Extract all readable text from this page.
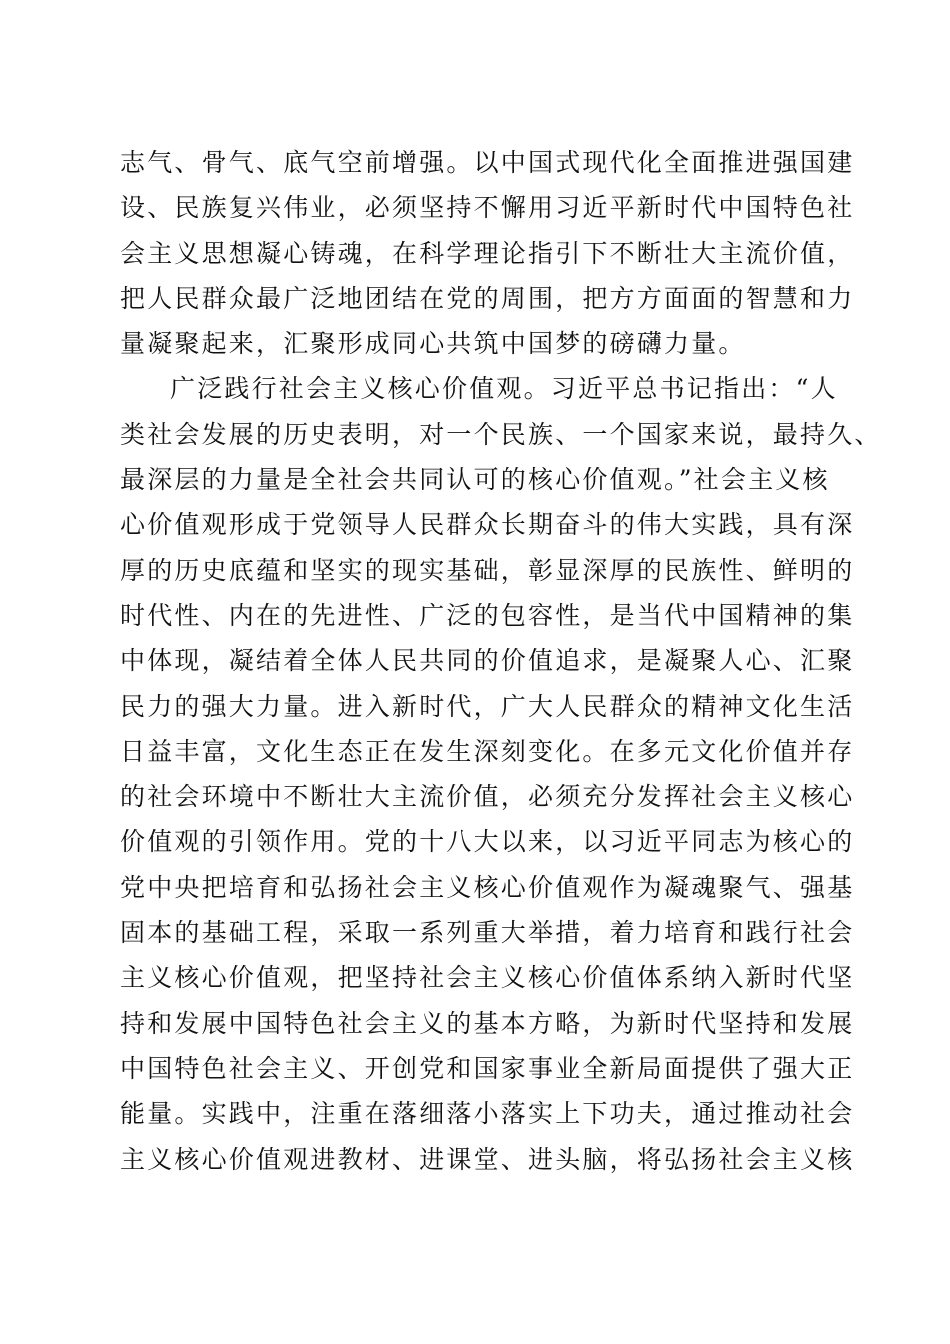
志气、骨气、底气空前增强。以中国式现代化全面推进强国建
设、民族复兴伟业，必须坚持不懈用习近平新时代中国特色社
会主义思想凝心铸魂，在科学理论指引下不断壮大主流价值，
把人民群众最广泛地团结在党的周围，把方方面面的智慧和力
量凝聚起来，汇聚形成同心共筑中国梦的磅礴力量。
广泛践行社会主义核心价值观。习近平总书记指出：“人
类社会发展的历史表明，对一个民族、一个国家来说，最持久、
最深层的力量是全社会共同认可的核心价值观。”社会主义核
心价值观形成于党领导人民群众长期奋斗的伟大实践，具有深
厚的历史底蕴和坚实的现实基础，彰显深厚的民族性、鲜明的
时代性、内在的先进性、广泛的包容性，是当代中国精神的集
中体现，凝结着全体人民共同的价值追求，是凝聚人心、汇聚
民力的强大力量。进入新时代，广大人民群众的精神文化生活
日益丰富，文化生态正在发生深刻变化。在多元文化价值并存
的社会环境中不断壮大主流价值，必须充分发挥社会主义核心
价值观的引领作用。党的十八大以来，以习近平同志为核心的
党中央把培育和弘扬社会主义核心价值观作为凝魂聚气、强基
固本的基础工程，采取一系列重大举措，着力培育和践行社会
主义核心价值观，把坚持社会主义核心价值体系纳入新时代坚
持和发展中国特色社会主义的基本方略，为新时代坚持和发展
中国特色社会主义、开创党和国家事业全新局面提供了强大正
能量。实践中，注重在落细落小落实上下功夫，通过推动社会
主义核心价值观进教材、进课堂、进头脑，将弘扬社会主义核
